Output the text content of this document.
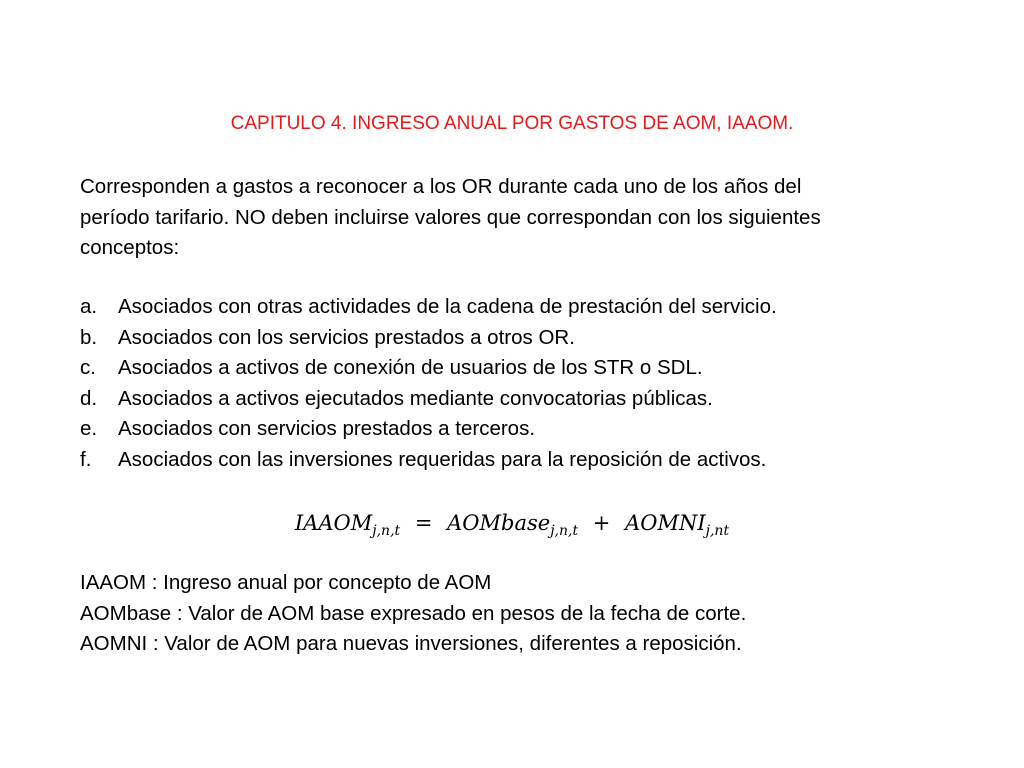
CAPITULO 4. INGRESO ANUAL POR GASTOS DE AOM, IAAOM.
Corresponden a gastos a reconocer a los OR durante cada uno de los años del
período tarifario. NO deben incluirse valores que correspondan con los siguientes
conceptos:
a.	Asociados con otras actividades de la cadena de prestación del servicio.
b.	Asociados con los servicios prestados a otros OR.
c.	Asociados a activos de conexión de usuarios de los STR o SDL.
d.	Asociados a activos ejecutados mediante convocatorias públicas.
e.	Asociados con servicios prestados a terceros.
f.	Asociados con las inversiones requeridas para la reposición de activos.
$IAAOM_{j,n,t}$ = AOMbase$_{j,n,t}$ + $AOMNI_{j,nt}$
IAAOM : Ingreso anual por concepto de AOM
AOMbase : Valor de AOM base expresado en pesos de la fecha de corte.
AOMNI : Valor de AOM para nuevas inversiones, diferentes a reposición.
